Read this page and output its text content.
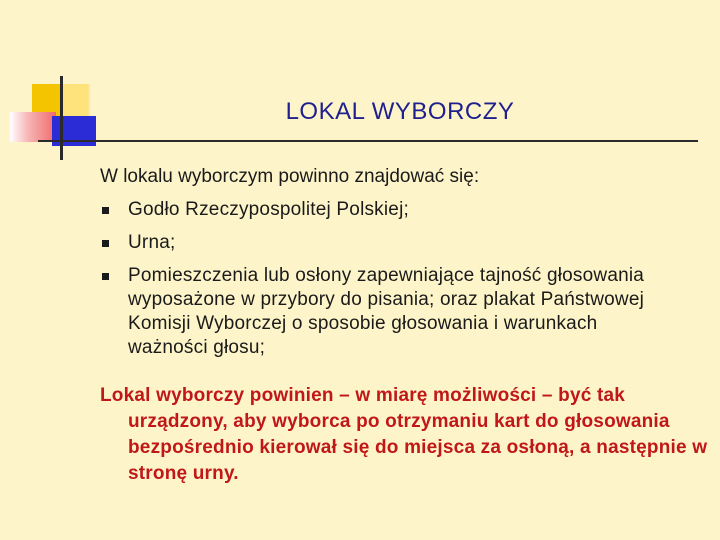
LOKAL WYBORCZY
W lokalu wyborczym powinno znajdować się:
Godło Rzeczypospolitej Polskiej;
Urna;
Pomieszczenia lub osłony zapewniające tajność głosowania wyposażone w przybory do pisania; oraz plakat Państwowej Komisji Wyborczej o sposobie głosowania i warunkach ważności głosu;
Lokal wyborczy powinien – w miarę możliwości – być tak urządzony, aby wyborca po otrzymaniu kart do głosowania bezpośrednio kierował się do miejsca za osłoną, a następnie w stronę urny.
